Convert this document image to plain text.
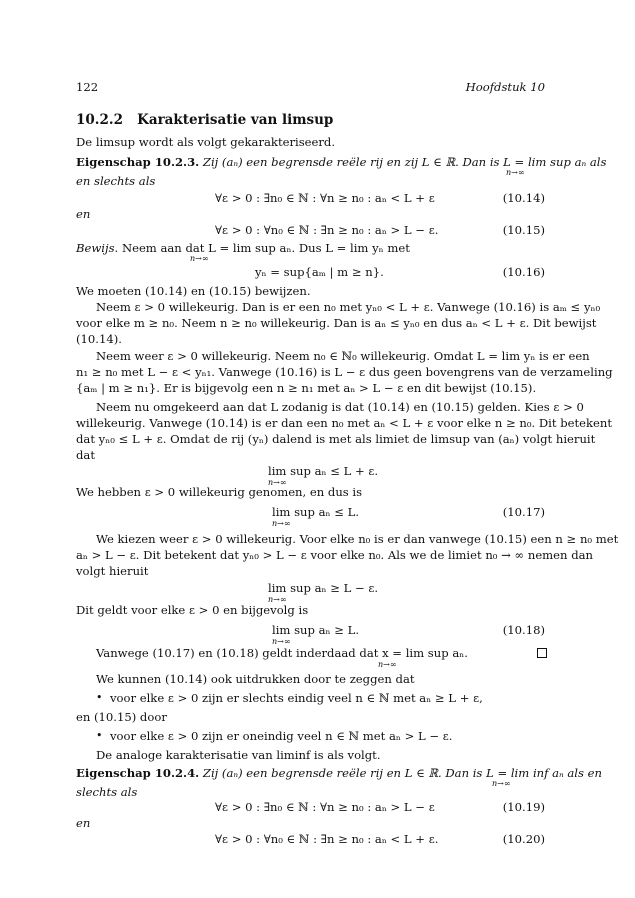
122	Hoofdstuk 10
10.2.2 Karakterisatie van limsup
De limsup wordt als volgt gekarakteriseerd.
Eigenschap 10.2.3. Zij (aₙ) een begrensde reële rij en zij L ∈ ℝ. Dan is L = lim sup aₙ als
n→∞
en slechts als
∀ε > 0 : ∃n₀ ∈ ℕ : ∀n ≥ n₀ : aₙ < L + ε	(10.14)
en
∀ε > 0 : ∀n₀ ∈ ℕ : ∃n ≥ n₀ : aₙ > L − ε.	(10.15)
Bewijs. Neem aan dat L = lim sup aₙ. Dus L = lim yₙ met
n→∞
yₙ = sup{aₘ | m ≥ n}.	(10.16)
We moeten (10.14) en (10.15) bewijzen.
Neem ε > 0 willekeurig. Dan is er een n₀ met yₙ₀ < L + ε. Vanwege (10.16) is aₘ ≤ yₙ₀
voor elke m ≥ n₀. Neem n ≥ n₀ willekeurig. Dan is aₙ ≤ yₙ₀ en dus aₙ < L + ε. Dit bewijst
(10.14).
Neem weer ε > 0 willekeurig. Neem n₀ ∈ ℕ₀ willekeurig. Omdat L = lim yₙ is er een
n₁ ≥ n₀ met L − ε < yₙ₁. Vanwege (10.16) is L − ε dus geen bovengrens van de verzameling
{aₘ | m ≥ n₁}. Er is bijgevolg een n ≥ n₁ met aₙ > L − ε en dit bewijst (10.15).
Neem nu omgekeerd aan dat L zodanig is dat (10.14) en (10.15) gelden. Kies ε > 0
willekeurig. Vanwege (10.14) is er dan een n₀ met aₙ < L + ε voor elke n ≥ n₀. Dit betekent
dat yₙ₀ ≤ L + ε. Omdat de rij (yₙ) dalend is met als limiet de limsup van (aₙ) volgt hieruit
dat
lim sup aₙ ≤ L + ε.
n→∞
We hebben ε > 0 willekeurig genomen, en dus is
lim sup aₙ ≤ L.
n→∞
(10.17)
We kiezen weer ε > 0 willekeurig. Voor elke n₀ is er dan vanwege (10.15) een n ≥ n₀ met
aₙ > L − ε. Dit betekent dat yₙ₀ > L − ε voor elke n₀. Als we de limiet n₀ → ∞ nemen dan
volgt hieruit
lim sup aₙ ≥ L − ε.
n→∞
Dit geldt voor elke ε > 0 en bijgevolg is
lim sup aₙ ≥ L.
n→∞
(10.18)
Vanwege (10.17) en (10.18) geldt inderdaad dat x = lim sup aₙ.
n→∞
We kunnen (10.14) ook uitdrukken door te zeggen dat
• voor elke ε > 0 zijn er slechts eindig veel n ∈ ℕ met aₙ ≥ L + ε,
en (10.15) door
• voor elke ε > 0 zijn er oneindig veel n ∈ ℕ met aₙ > L − ε.
De analoge karakterisatie van liminf is als volgt.
Eigenschap 10.2.4. Zij (aₙ) een begrensde reële rij en L ∈ ℝ. Dan is L = lim inf aₙ als en
n→∞
slechts als
∀ε > 0 : ∃n₀ ∈ ℕ : ∀n ≥ n₀ : aₙ > L − ε	(10.19)
en
∀ε > 0 : ∀n₀ ∈ ℕ : ∃n ≥ n₀ : aₙ < L + ε.	(10.20)
